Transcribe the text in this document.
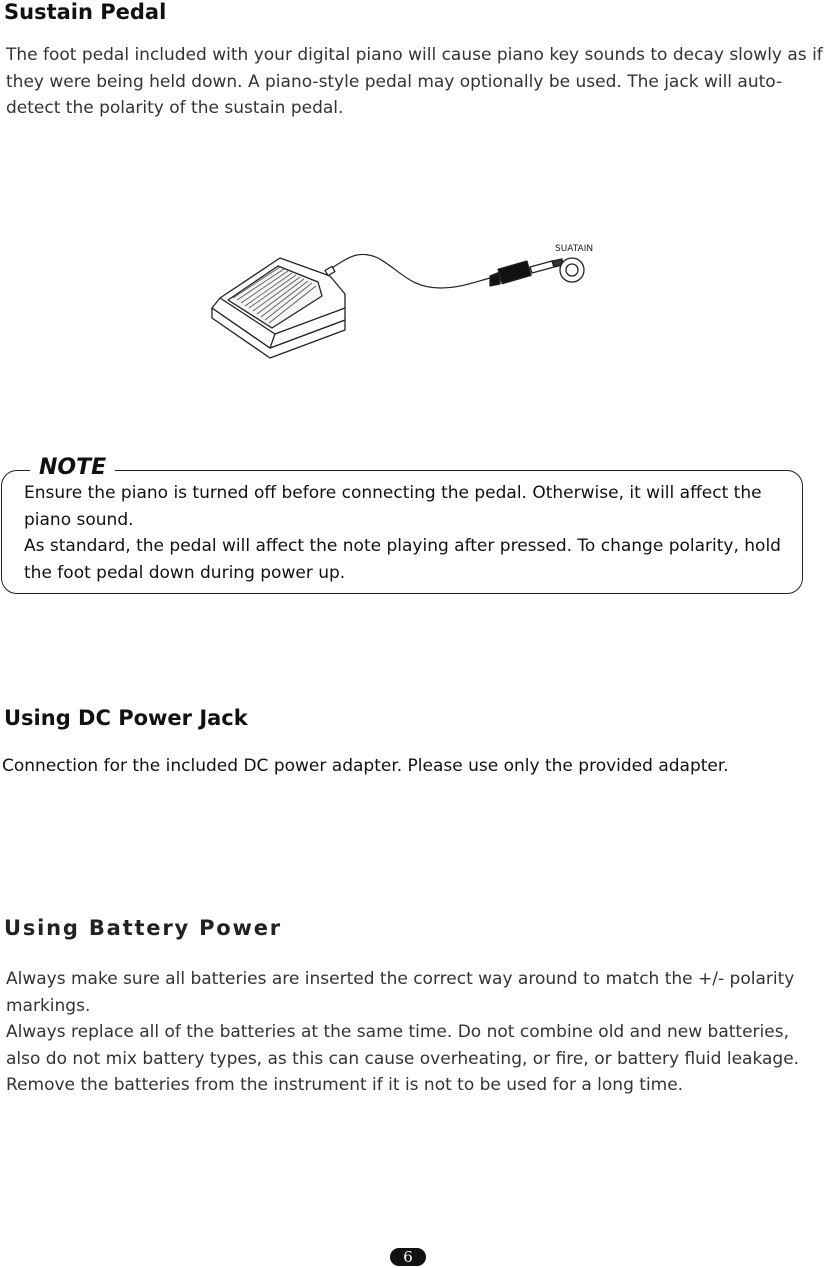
Sustain Pedal

The foot pedal included with your digital piano will cause piano key sounds to decay slowly as if they were being held down. A piano-style pedal may optionally be used. The jack will auto-detect the polarity of the sustain pedal.

SUATAIN
NOTE

Ensure the piano is turned off before connecting the pedal. Otherwise, it will affect the piano sound.
As standard, the pedal will affect the note playing after pressed. To change polarity, hold the foot pedal down during power up.

Using DC Power Jack

Connection for the included DC power adapter. Please use only the provided adapter.

Using Battery Power

Always make sure all batteries are inserted the correct way around to match the +/- polarity markings.
Always replace all of the batteries at the same time. Do not combine old and new batteries, also do not mix battery types, as this can cause overheating, or fire, or battery fluid leakage.
Remove the batteries from the instrument if it is not to be used for a long time.

6
